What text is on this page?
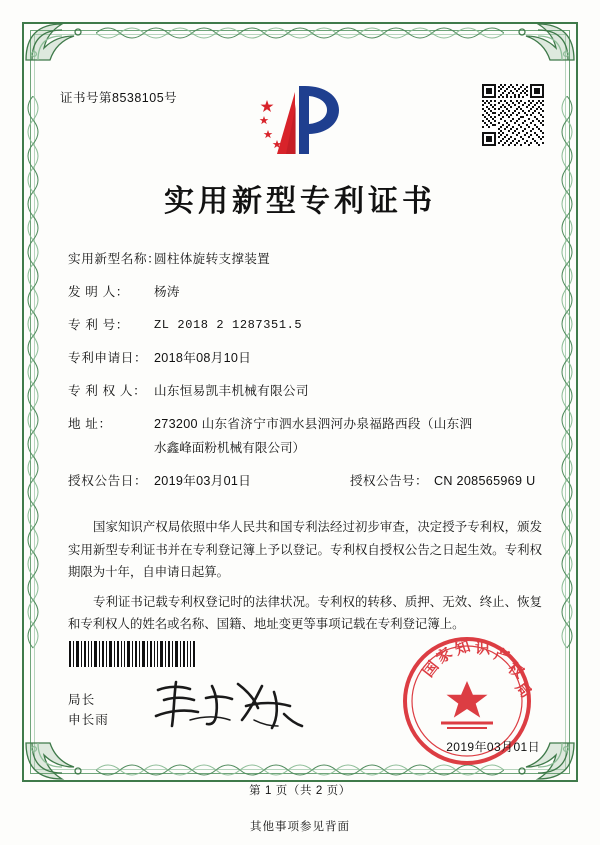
证书号第8538105号
实用新型专利证书
实用新型名称：
圆柱体旋转支撑装置
发 明 人：	杨涛
专 利 号：	ZL 2018 2 1287351.5
专利申请日： 2018年08月10日
专 利 权 人： 山东恒易凯丰机械有限公司
地 址：	273200 山东省济宁市泗水县泗河办泉福路西段（山东泗
水鑫峰面粉机械有限公司）
授权公告日： 2019年03月01日	授权公告号： CN 208565969 U
国家知识产权局依照中华人民共和国专利法经过初步审查，决定授予专利权，颁发实用新型专利证书并在专利登记簿上予以登记。专利权自授权公告之日起生效。专利权期限为十年，自申请日起算。
专利证书记载专利权登记时的法律状况。专利权的转移、质押、无效、终止、恢复和专利权人的姓名或名称、国籍、地址变更等事项记载在专利登记簿上。
局长
申长雨
国
家
知 识 产
权
局
2019年03月01日
第 1 页（共 2 页）
其他事项参见背面
